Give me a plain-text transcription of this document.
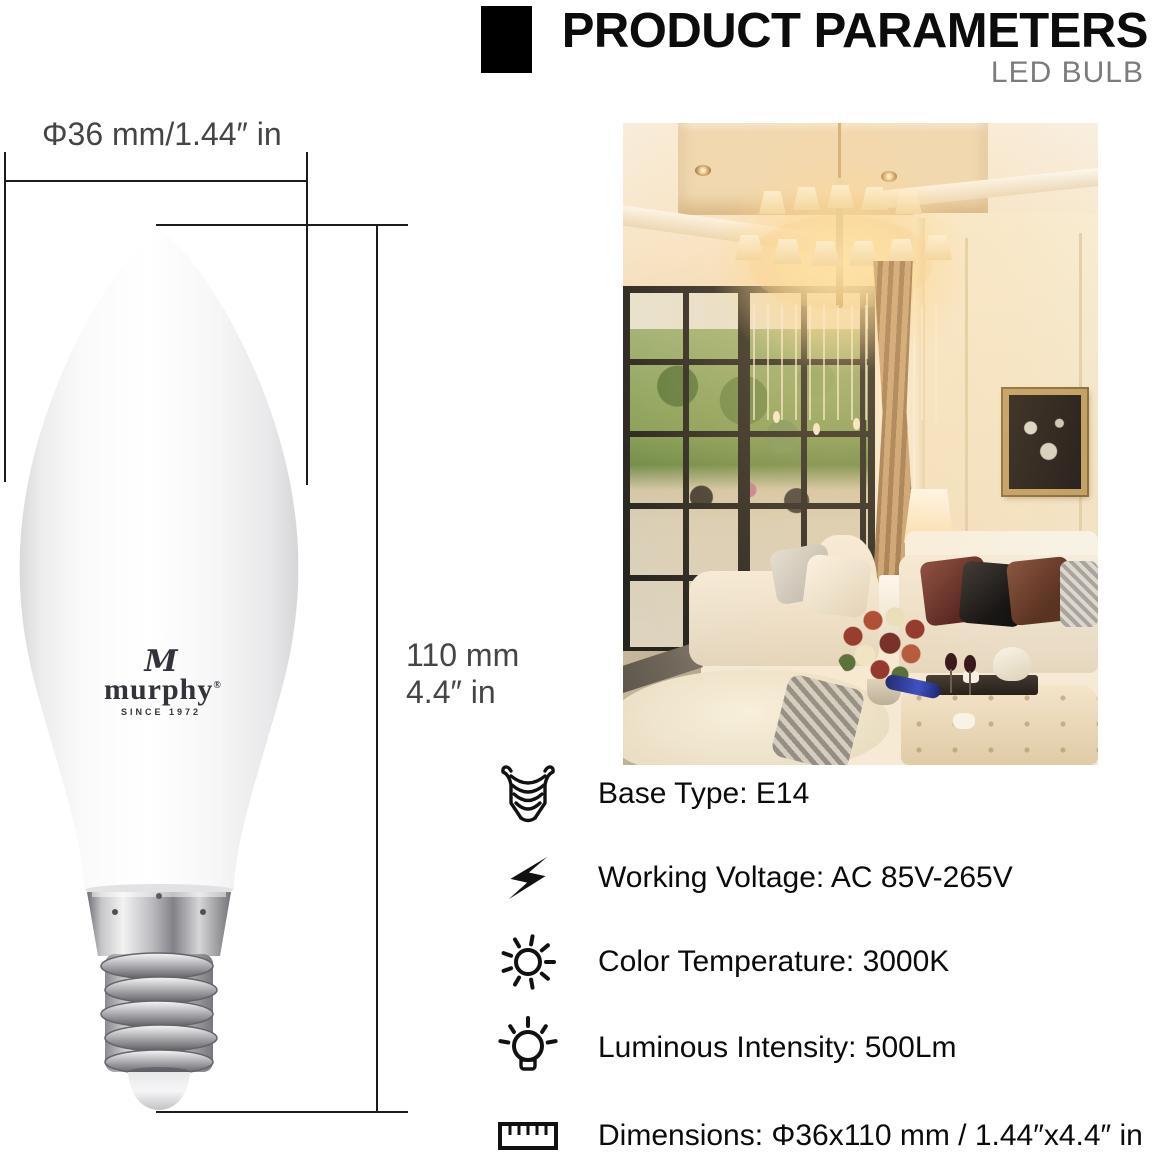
PRODUCT PARAMETERS
LED BULB
Φ36 mm/1.44″ in
110 mm
4.4″ in
M
murphy®
SINCE 1972
Base Type: E14
Working Voltage: AC 85V-265V
Color Temperature: 3000K
Luminous Intensity: 500Lm
Dimensions: Φ36x110 mm / 1.44″x4.4″ in
